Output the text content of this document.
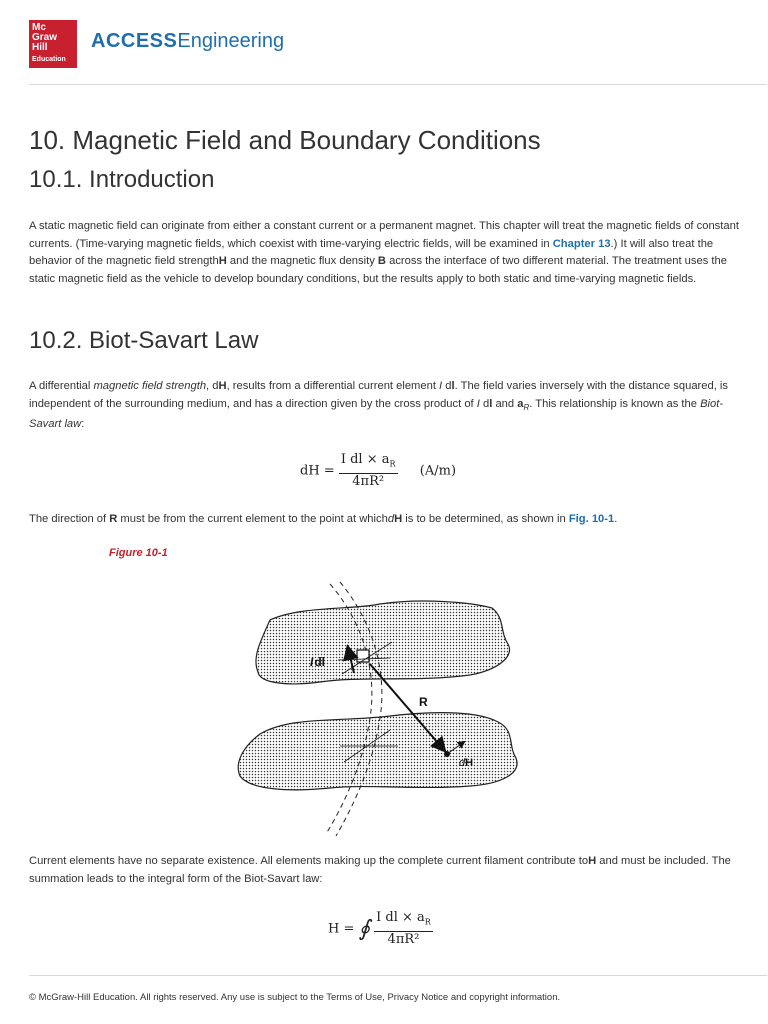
Mc
Graw
Hill
Education
ACCESSEngineering
10. Magnetic Field and Boundary Conditions
10.1. Introduction

A static magnetic field can originate from either a constant current or a permanent magnet. This chapter will treat the magnetic fields of constant currents. (Time-varying magnetic fields, which coexist with time-varying electric fields, will be examined in Chapter 13.) It will also treat the behavior of the magnetic field strengthH and the magnetic flux density B across the interface of two different material. The treatment uses the static magnetic field as the vehicle to develop boundary conditions, but the results apply to both static and time-varying magnetic fields.

10.2. Biot-Savart Law

A differential magnetic field strength, dH, results from a differential current element I dl. The field varies inversely with the distance squared, is independent of the surrounding medium, and has a direction given by the cross product of I dl and $a_R$. This relationship is known as the Biot-Savart law:

dH = $\frac{I dl \times a_R}{\text{4πR²}} (A/m)$

The direction of R must be from the current element to the point at whichdH is to be determined, as shown in Fig. 10-1.

Figure 10-1
Idl
R
dH

Current elements have no separate existence. All elements making up the complete current filament contribute toH and must be included. The summation leads to the integral form of the Biot-Savart law:

H = ∮ $\frac{I dl \times a_R}{\text{4πR²}}$
© McGraw-Hill Education. All rights reserved. Any use is subject to the Terms of Use, Privacy Notice and copyright information.
